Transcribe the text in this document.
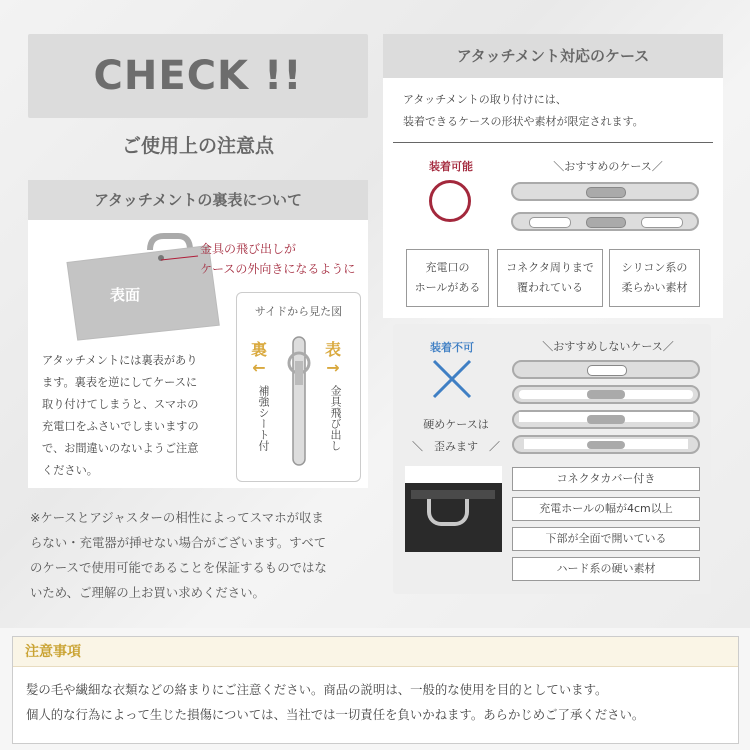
CHECK !!
ご使用上の注意点
アタッチメントの裏表について
金具の飛び出しが
ケースの外向きになるように
表面
アタッチメントには裏表があり
ます。裏表を逆にしてケースに
取り付けてしまうと、スマホの
充電口をふさいでしまいますの
で、お間違いのないようご注意
ください。
サイドから見た図
裏
←
補強シート付
表
→
金具飛び出し
※ケースとアジャスターの相性によってスマホが収ま
らない・充電器が挿せない場合がございます。すべて
のケースで使用可能であることを保証するものではな
いため、ご理解の上お買い求めください。
アタッチメント対応のケース
アタッチメントの取り付けには、
装着できるケースの形状や素材が限定されます。
装着可能	＼おすすめのケース／
充電口の
ホールがある
コネクタ周りまで
覆われている
シリコン系の
柔らかい素材
装着不可
硬めケースは
＼　歪みます　／
＼おすすめしないケース／
コネクタカバー付き
充電ホールの幅が4cm以上
下部が全面で開いている
ハード系の硬い素材
注意事項
髪の毛や繊細な衣類などの絡まりにご注意ください。商品の説明は、一般的な使用を目的としています。
個人的な行為によって生じた損傷については、当社では一切責任を負いかねます。あらかじめご了承ください。
